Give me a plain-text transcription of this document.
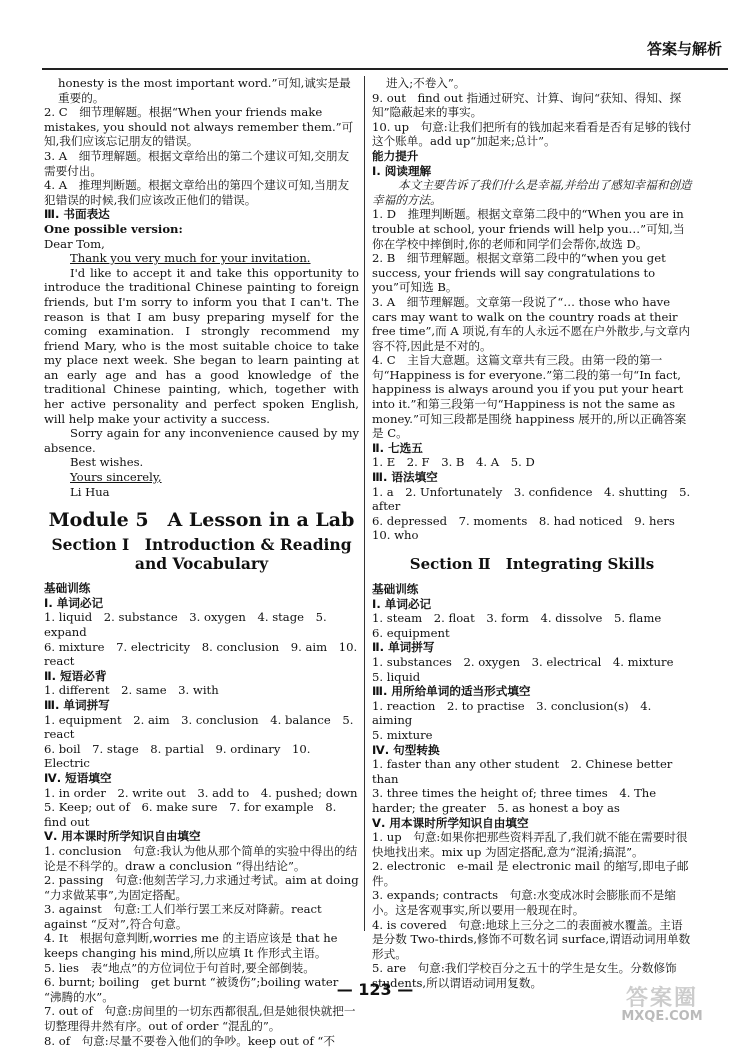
答案与解析

honesty is the most important word.”可知,诚实是最重要的。

2. C　细节理解题。根据“When your friends make mistakes, you should not always remember them.”可知,我们应该忘记朋友的错误。

3. A　细节理解题。根据文章给出的第二个建议可知,交朋友需要付出。

4. A　推理判断题。根据文章给出的第四个建议可知,当朋友犯错误的时候,我们应该改正他们的错误。

Ⅲ. 书面表达

One possible version:

Dear Tom,

Thank you very much for your invitation.

I'd like to accept it and take this opportunity to introduce the traditional Chinese painting to foreign friends, but I'm sorry to inform you that I can't. The reason is that I am busy preparing myself for the coming examination. I strongly recommend my friend Mary, who is the most suitable choice to take my place next week. She began to learn painting at an early age and has a good knowledge of the traditional Chinese painting, which, together with her active personality and perfect spoken English, will help make your activity a success.

Sorry again for any inconvenience caused by my absence.

Best wishes.

Yours sincerely,

Li Hua

Module 5　A Lesson in a Lab
Section Ⅰ　Introduction & Reading
and Vocabulary

基础训练

Ⅰ. 单词必记

1. liquid　2. substance　3. oxygen　4. stage　5. expand

6. mixture　7. electricity　8. conclusion　9. aim　10. react

Ⅱ. 短语必背

1. different　2. same　3. with

Ⅲ. 单词拼写

1. equipment　2. aim　3. conclusion　4. balance　5. react

6. boil　7. stage　8. partial　9. ordinary　10. Electric

Ⅳ. 短语填空

1. in order　2. write out　3. add to　4. pushed; down

5. Keep; out of　6. make sure　7. for example　8. find out

Ⅴ. 用本课时所学知识自由填空

1. conclusion　句意:我认为他从那个简单的实验中得出的结论是不科学的。draw a conclusion “得出结论”。

2. passing　句意:他刻苦学习,力求通过考试。aim at doing “力求做某事”,为固定搭配。

3. against　句意:工人们举行罢工来反对降薪。react against “反对”,符合句意。

4. It　根据句意判断,worries me 的主语应该是 that he keeps changing his mind,所以应填 It 作形式主语。

5. lies　表“地点”的方位词位于句首时,要全部倒装。

6. burnt; boiling　get burnt “被烫伤”;boiling water “沸腾的水”。

7. out of　句意:房间里的一切东西都很乱,但是她很快就把一切整理得井然有序。out of order “混乱的”。

8. of　句意:尽量不要卷入他们的争吵。keep out of “不

进入;不卷入”。

9. out　find out 指通过研究、计算、询问“获知、得知、探知”隐蔽起来的事实。

10. up　句意:让我们把所有的钱加起来看看是否有足够的钱付这个账单。add up“加起来;总计”。

能力提升

Ⅰ. 阅读理解

本文主要告诉了我们什么是幸福,并给出了感知幸福和创造幸福的方法。

1. D　推理判断题。根据文章第二段中的“When you are in trouble at school, your friends will help you…”可知,当你在学校中摔倒时,你的老师和同学们会帮你,故选 D。

2. B　细节理解题。根据文章第二段中的“when you get success, your friends will say congratulations to you”可知选 B。

3. A　细节理解题。文章第一段说了“… those who have cars may want to walk on the country roads at their free time”,而 A 项说,有车的人永远不愿在户外散步,与文章内容不符,因此是不对的。

4. C　主旨大意题。这篇文章共有三段。由第一段的第一句“Happiness is for everyone.”第二段的第一句“In fact, happiness is always around you if you put your heart into it.”和第三段第一句“Happiness is not the same as money.”可知三段都是围绕 happiness 展开的,所以正确答案是 C。

Ⅱ. 七选五

1. E　2. F　3. B　4. A　5. D

Ⅲ. 语法填空

1. a　2. Unfortunately　3. confidence　4. shutting　5. after

6. depressed　7. moments　8. had noticed　9. hers　10. who

Section Ⅱ　Integrating Skills

基础训练

Ⅰ. 单词必记

1. steam　2. float　3. form　4. dissolve　5. flame

6. equipment

Ⅱ. 单词拼写

1. substances　2. oxygen　3. electrical　4. mixture

5. liquid

Ⅲ. 用所给单词的适当形式填空

1. reaction　2. to practise　3. conclusion(s)　4. aiming

5. mixture

Ⅳ. 句型转换

1. faster than any other student　2. Chinese better than

3. three times the height of; three times　4. The harder; the greater　5. as honest a boy as

Ⅴ. 用本课时所学知识自由填空

1. up　句意:如果你把那些资料弄乱了,我们就不能在需要时很快地找出来。mix up 为固定搭配,意为“混淆;搞混”。

2. electronic　e-mail 是 electronic mail 的缩写,即电子邮件。

3. expands; contracts　句意:水变成冰时会膨胀而不是缩小。这是客观事实,所以要用一般现在时。

4. is covered　句意:地球上三分之二的表面被水覆盖。主语是分数 Two-thirds,修饰不可数名词 surface,谓语动词用单数形式。

5. are　句意:我们学校百分之五十的学生是女生。分数修饰 students,所以谓语动词用复数。

— 123 —	答案圈
MXQE.COM
